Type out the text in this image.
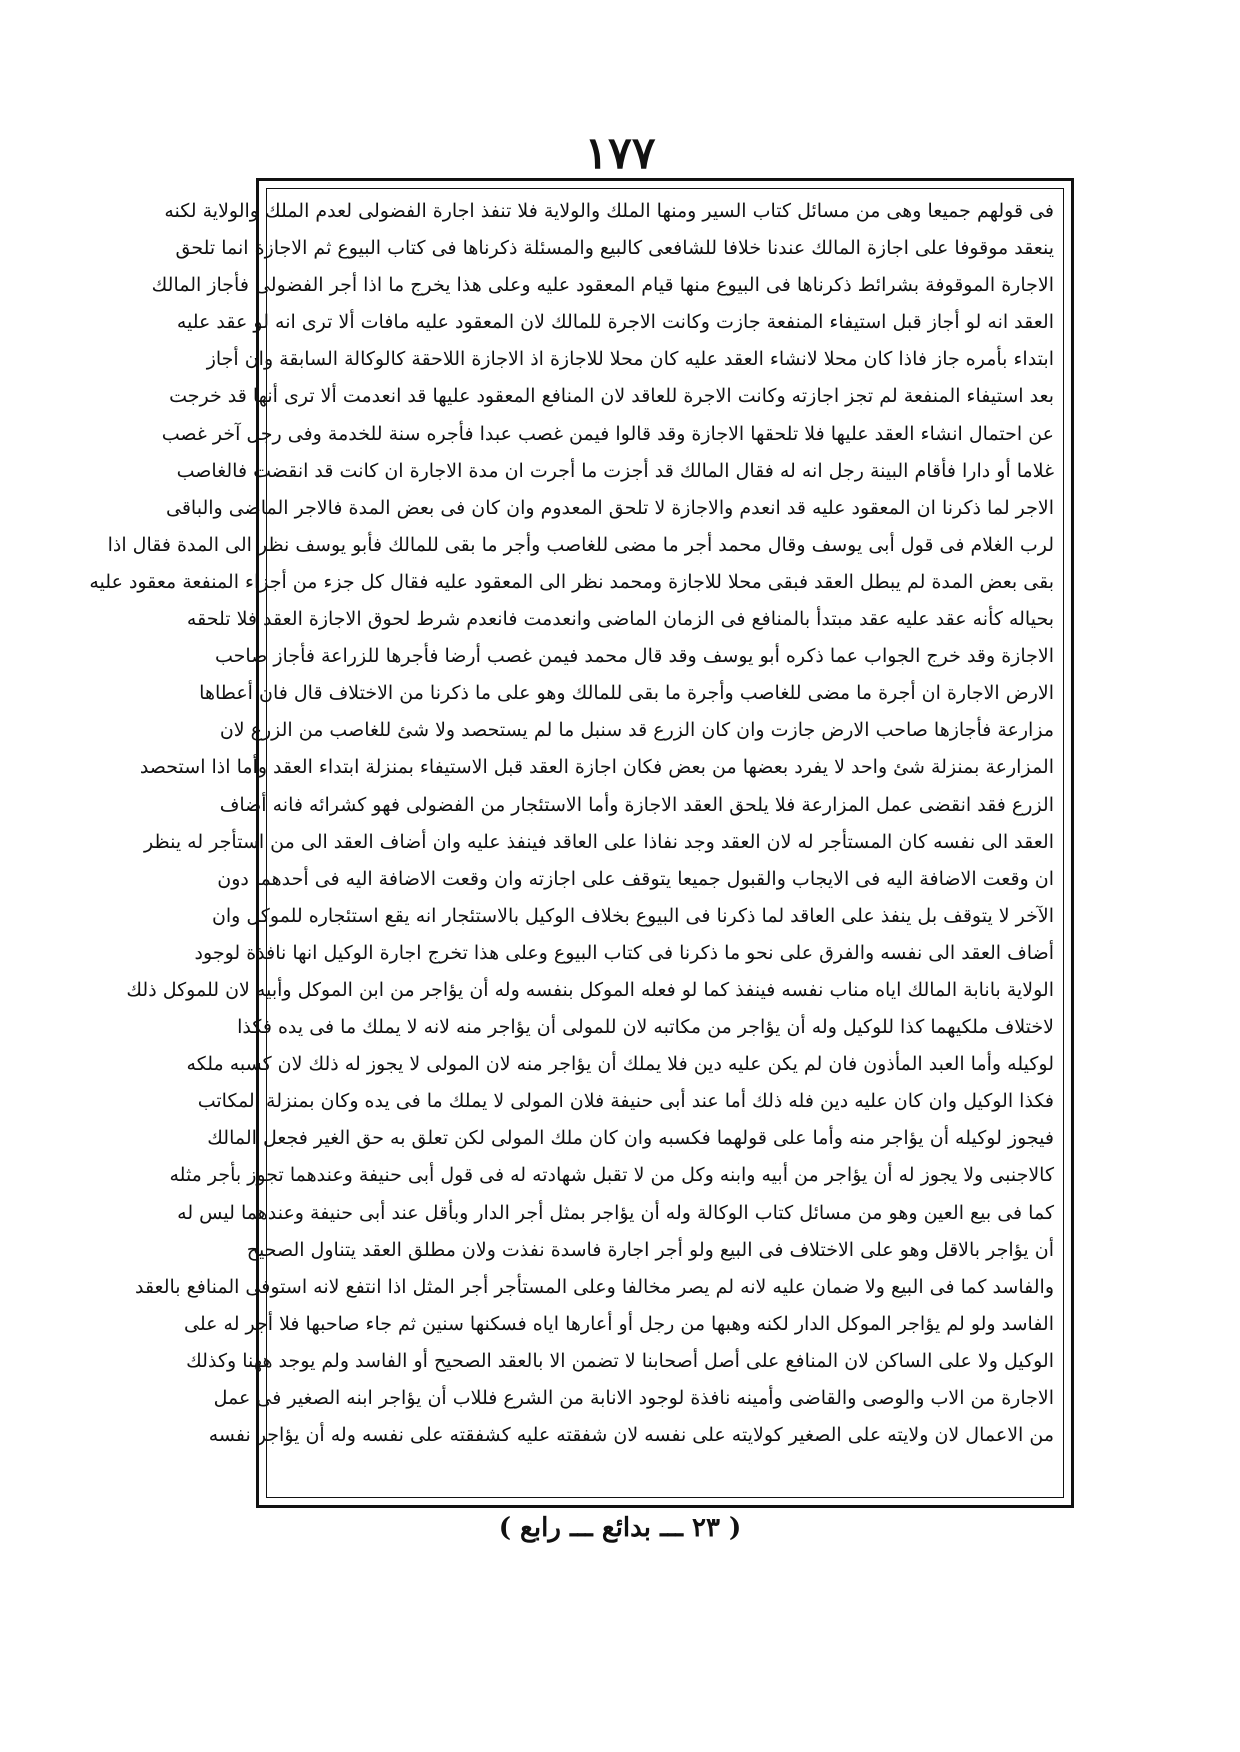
١٧٧
فى قولهم جميعا وهى من مسائل كتاب السير ومنها الملك والولاية فلا تنفذ اجارة الفضولى لعدم الملك والولاية لكنه
ينعقد موقوفا على اجازة المالك عندنا خلافا للشافعى كالبيع والمسئلة ذكرناها فى كتاب البيوع ثم الاجازة انما تلحق
الاجارة الموقوفة بشرائط ذكرناها فى البيوع منها قيام المعقود عليه وعلى هذا يخرج ما اذا أجر الفضولى فأجاز المالك
العقد انه لو أجاز قبل استيفاء المنفعة جازت وكانت الاجرة للمالك لان المعقود عليه مافات ألا ترى انه لو عقد عليه
ابتداء بأمره جاز فاذا كان محلا لانشاء العقد عليه كان محلا للاجازة اذ الاجازة اللاحقة كالوكالة السابقة وان أجاز
بعد استيفاء المنفعة لم تجز اجازته وكانت الاجرة للعاقد لان المنافع المعقود عليها قد انعدمت ألا ترى أنها قد خرجت
عن احتمال انشاء العقد عليها فلا تلحقها الاجازة وقد قالوا فيمن غصب عبدا فأجره سنة للخدمة وفى رجل آخر غصب
غلاما أو دارا فأقام البينة رجل انه له فقال المالك قد أجزت ما أجرت ان مدة الاجارة ان كانت قد انقضت فالغاصب
الاجر لما ذكرنا ان المعقود عليه قد انعدم والاجازة لا تلحق المعدوم وان كان فى بعض المدة فالاجر الماضى والباقى
لرب الغلام فى قول أبى يوسف وقال محمد أجر ما مضى للغاصب وأجر ما بقى للمالك فأبو يوسف نظر الى المدة فقال اذا
بقى بعض المدة لم يبطل العقد فبقى محلا للاجازة ومحمد نظر الى المعقود عليه فقال كل جزء من أجزاء المنفعة معقود عليه
بحياله كأنه عقد عليه عقد مبتدأ بالمنافع فى الزمان الماضى وانعدمت فانعدم شرط لحوق الاجازة العقد فلا تلحقه
الاجازة وقد خرج الجواب عما ذكره أبو يوسف وقد قال محمد فيمن غصب أرضا فأجرها للزراعة فأجاز صاحب
الارض الاجارة ان أجرة ما مضى للغاصب وأجرة ما بقى للمالك وهو على ما ذكرنا من الاختلاف قال فان أعطاها
مزارعة فأجازها صاحب الارض جازت وان كان الزرع قد سنبل ما لم يستحصد ولا شئ للغاصب من الزرع لان
المزارعة بمنزلة شئ واحد لا يفرد بعضها من بعض فكان اجازة العقد قبل الاستيفاء بمنزلة ابتداء العقد وأما اذا استحصد
الزرع فقد انقضى عمل المزارعة فلا يلحق العقد الاجازة وأما الاستئجار من الفضولى فهو كشرائه فانه أضاف
العقد الى نفسه كان المستأجر له لان العقد وجد نفاذا على العاقد فينفذ عليه وان أضاف العقد الى من استأجر له ينظر
ان وقعت الاضافة اليه فى الايجاب والقبول جميعا يتوقف على اجازته وان وقعت الاضافة اليه فى أحدهما دون
الآخر لا يتوقف بل ينفذ على العاقد لما ذكرنا فى البيوع بخلاف الوكيل بالاستئجار انه يقع استئجاره للموكل وان
أضاف العقد الى نفسه والفرق على نحو ما ذكرنا فى كتاب البيوع وعلى هذا تخرج اجارة الوكيل انها نافذة لوجود
الولاية بانابة المالك اياه مناب نفسه فينفذ كما لو فعله الموكل بنفسه وله أن يؤاجر من ابن الموكل وأبيه لان للموكل ذلك
لاختلاف ملكيهما كذا للوكيل وله أن يؤاجر من مكاتبه لان للمولى أن يؤاجر منه لانه لا يملك ما فى يده فكذا
لوكيله وأما العبد المأذون فان لم يكن عليه دين فلا يملك أن يؤاجر منه لان المولى لا يجوز له ذلك لان كسبه ملكه
فكذا الوكيل وان كان عليه دين فله ذلك أما عند أبى حنيفة فلان المولى لا يملك ما فى يده وكان بمنزلة المكاتب
فيجوز لوكيله أن يؤاجر منه وأما على قولهما فكسبه وان كان ملك المولى لكن تعلق به حق الغير فجعل المالك
كالاجنبى ولا يجوز له أن يؤاجر من أبيه وابنه وكل من لا تقبل شهادته له فى قول أبى حنيفة وعندهما تجوز بأجر مثله
كما فى بيع العين وهو من مسائل كتاب الوكالة وله أن يؤاجر بمثل أجر الدار وبأقل عند أبى حنيفة وعندهما ليس له
أن يؤاجر بالاقل وهو على الاختلاف فى البيع ولو أجر اجارة فاسدة نفذت ولان مطلق العقد يتناول الصحيح
والفاسد كما فى البيع ولا ضمان عليه لانه لم يصر مخالفا وعلى المستأجر أجر المثل اذا انتفع لانه استوفى المنافع بالعقد
الفاسد ولو لم يؤاجر الموكل الدار لكنه وهبها من رجل أو أعارها اياه فسكنها سنين ثم جاء صاحبها فلا أجر له على
الوكيل ولا على الساكن لان المنافع على أصل أصحابنا لا تضمن الا بالعقد الصحيح أو الفاسد ولم يوجد ههنا وكذلك
الاجارة من الاب والوصى والقاضى وأمينه نافذة لوجود الانابة من الشرع فللاب أن يؤاجر ابنه الصغير فى عمل
من الاعمال لان ولايته على الصغير كولايته على نفسه لان شفقته عليه كشفقته على نفسه وله أن يؤاجر نفسه
( ٢٣ ـــ بدائع ـــ رابع )
